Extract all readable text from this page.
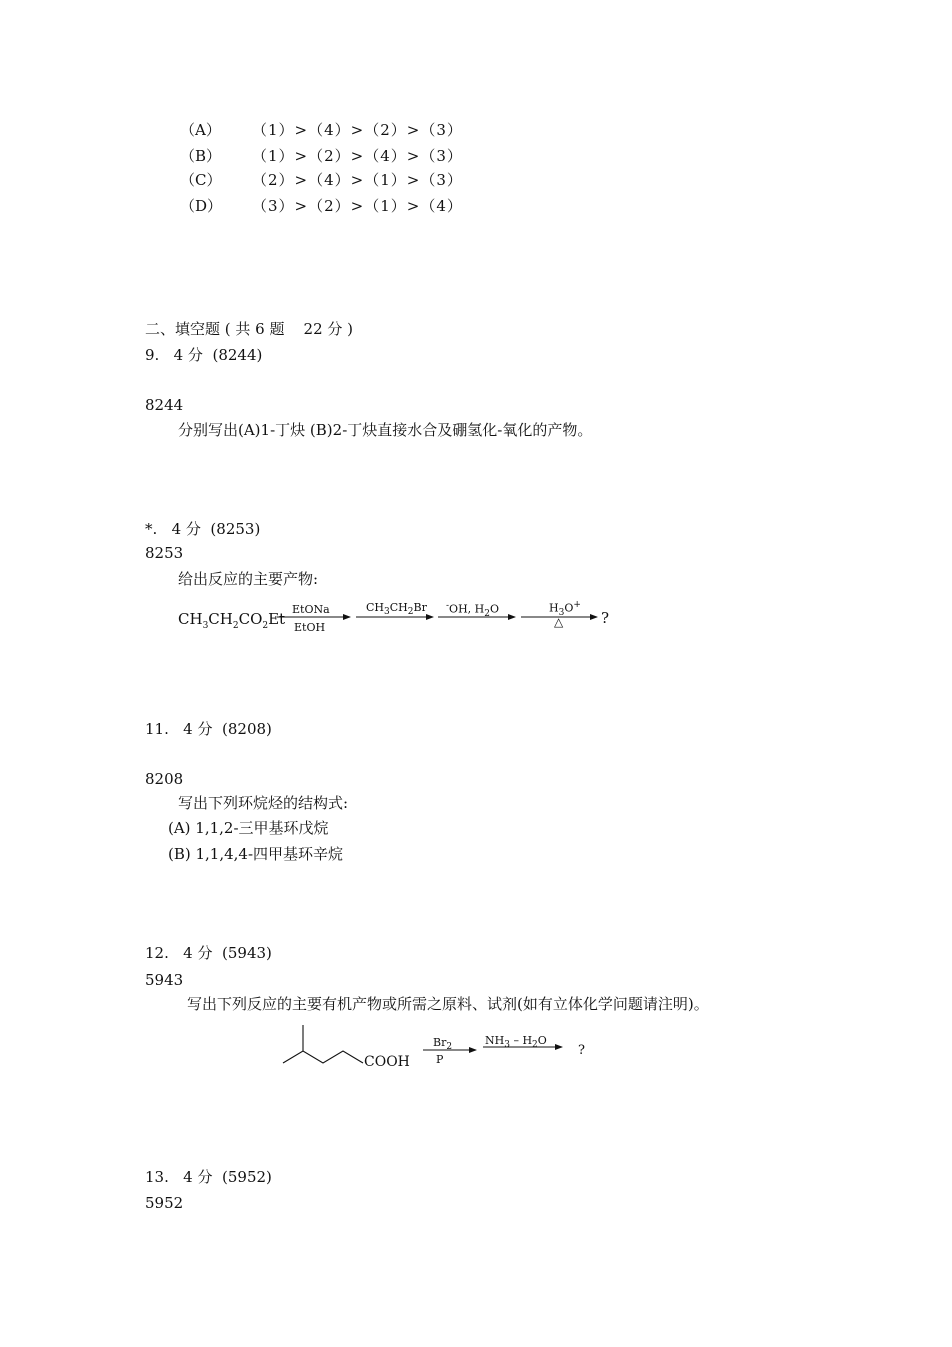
（A） （1）>（4）>（2）>（3）
（B） （1）>（2）>（4）>（3）
（C） （2）>（4）>（1）>（3）
（D） （3）>（2）>（1）>（4）
二、填空题 ( 共 6 题    22 分 )
9.   4 分  (8244)
8244
分别写出(A)1-丁炔 (B)2-丁炔直接水合及硼氢化-氧化的产物。
*.   4 分  (8253)
8253
给出反应的主要产物:
$CH_3CH_2CO_2Et$
EtONa
EtOH
$CH_3CH_2Br$ -OH, $H_2O$	$H_3O^+$
△	?
11.   4 分  (8208)
8208
写出下列环烷烃的结构式:
(A) 1,1,2-三甲基环戊烷
(B) 1,1,4,4-四甲基环辛烷
12.   4 分  (5943)
5943
写出下列反应的主要有机产物或所需之原料、试剂(如有立体化学问题请注明)。
COOH
$Br_2$
P
$NH_3 - H_2O$
?
13.   4 分  (5952)
5952
